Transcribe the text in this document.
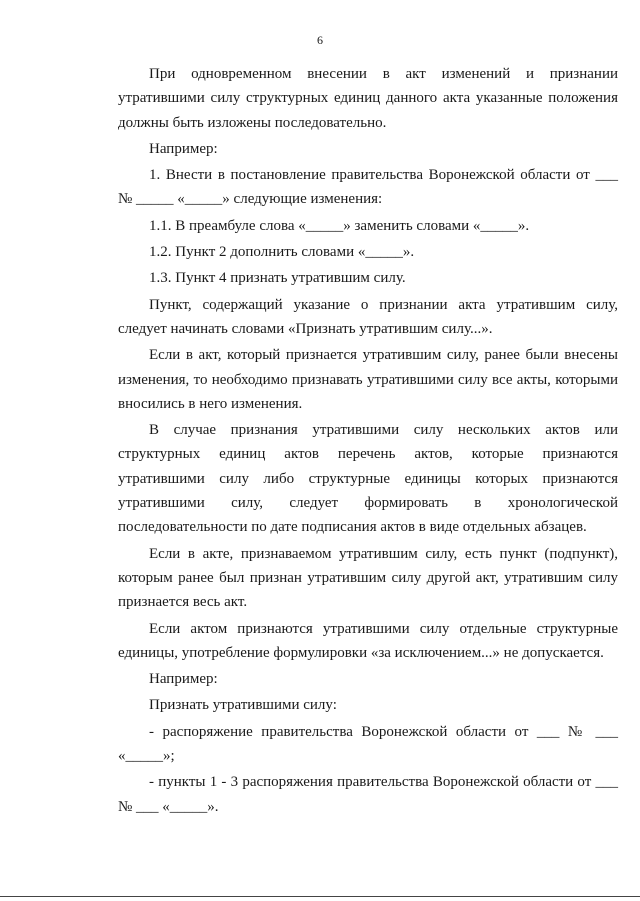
6

При одновременном внесении в акт изменений и признании утратившими силу структурных единиц данного акта указанные положения должны быть изложены последовательно.

Например:

1. Внести в постановление правительства Воронежской области от ___ № _____ «_____» следующие изменения:

1.1. В преамбуле слова «_____» заменить словами «_____».

1.2. Пункт 2 дополнить словами «_____».

1.3. Пункт 4 признать утратившим силу.

Пункт, содержащий указание о признании акта утратившим силу, следует начинать словами «Признать утратившим силу...».

Если в акт, который признается утратившим силу, ранее были внесены изменения, то необходимо признавать утратившими силу все акты, которыми вносились в него изменения.

В случае признания утратившими силу нескольких актов или

структурных единиц актов перечень актов, которые признаются

утратившими силу либо структурные единицы которых признаются

утратившими силу, следует формировать в хронологической

последовательности по дате подписания актов в виде отдельных абзацев.

Если в акте, признаваемом утратившим силу, есть пункт (подпункт), которым ранее был признан утратившим силу другой акт, утратившим силу признается весь акт.

Если актом признаются утратившими силу отдельные структурные единицы, употребление формулировки «за исключением...» не допускается.

Например:

Признать утратившими силу:

- распоряжение правительства Воронежской области от ___ № ___ «_____»;

- пункты 1 - 3 распоряжения правительства Воронежской области от ___ № ___ «_____».
